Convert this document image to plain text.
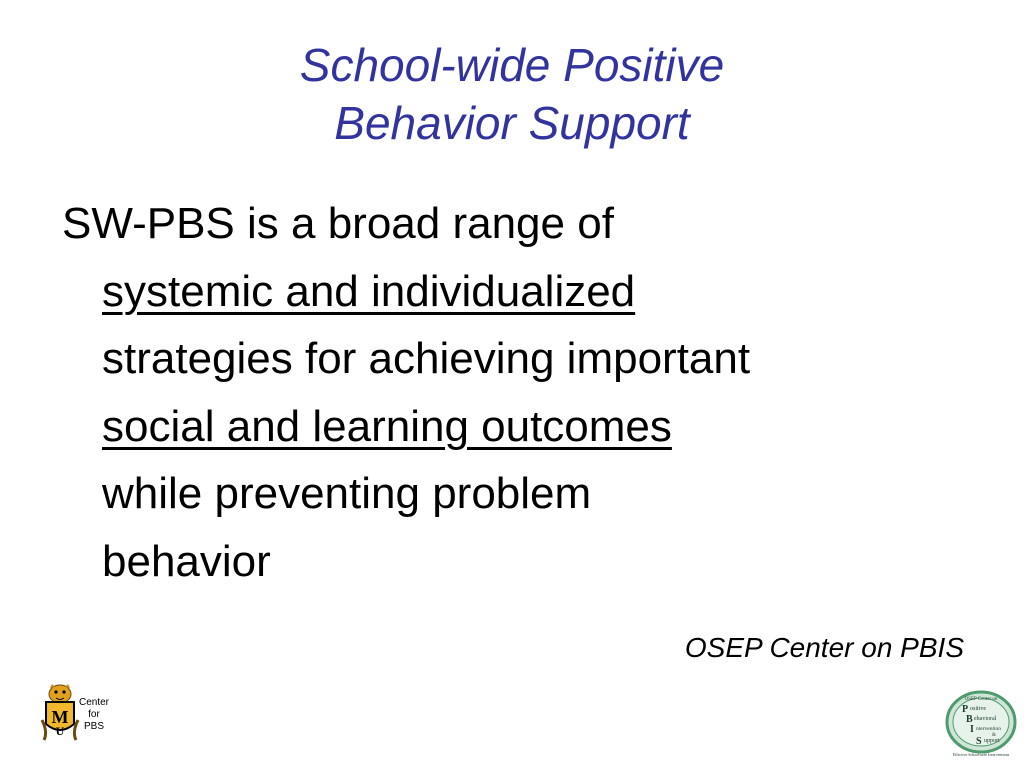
School-wide Positive
Behavior Support
SW-PBS is a broad range of
systemic and individualized
strategies for achieving important
social and learning outcomes
while preventing problem
behavior
OSEP Center on PBIS
M
U
Center
for
PBS
OSEP Center on
P ositive
B ehavioral
I ntervention
&
S upport
Effective Schoolwide Interventions
